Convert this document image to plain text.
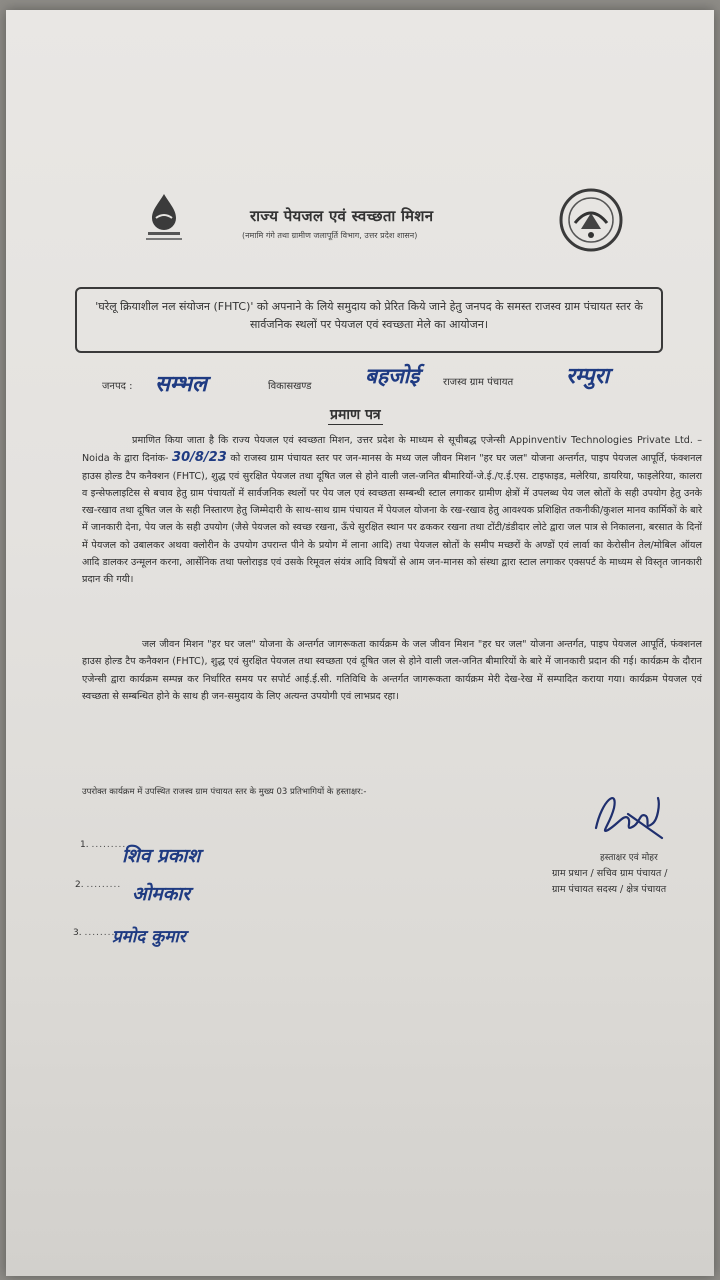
राज्य पेयजल एवं स्वच्छता मिशन
(नमामि गंगे तथा ग्रामीण जलापूर्ति विभाग, उत्तर प्रदेश शासन)
'घरेलू क्रियाशील नल संयोजन (FHTC)' को अपनाने के लिये समुदाय को प्रेरित किये जाने हेतु जनपद के समस्त राजस्व ग्राम पंचायत स्तर के सार्वजनिक स्थलों पर पेयजल एवं स्वच्छता मेले का आयोजन।
जनपद : सम्भल	विकासखण्ड	बहजोई राजस्व ग्राम पंचायत रम्पुरा
प्रमाण पत्र
प्रमाणित किया जाता है कि राज्य पेयजल एवं स्वच्छता मिशन, उत्तर प्रदेश के माध्यम से सूचीबद्ध एजेन्सी Appinventiv Technologies Private Ltd. – Noida के द्वारा दिनांक- 30/8/23 को राजस्व ग्राम पंचायत स्तर पर जन-मानस के मध्य जल जीवन मिशन "हर घर जल" योजना अन्तर्गत, पाइप पेयजल आपूर्ति, फंक्शनल हाउस होल्ड टैप कनैक्शन (FHTC), शुद्ध एवं सुरक्षित पेयजल तथा दूषित जल से होने वाली जल-जनित बीमारियों-जे.ई./ए.ई.एस. टाइफाइड, मलेरिया, डायरिया, फाइलेरिया, कालरा व इन्सेफलाइटिस से बचाव हेतु ग्राम पंचायतों में सार्वजनिक स्थलों पर पेय जल एवं स्वच्छता सम्बन्धी स्टाल लगाकर ग्रामीण क्षेत्रों में उपलब्ध पेय जल स्रोतों के सही उपयोग हेतु उनके रख-रखाव तथा दूषित जल के सही निस्तारण हेतु जिम्मेदारी के साथ-साथ ग्राम पंचायत में पेयजल योजना के रख-रखाव हेतु आवश्यक प्रशिक्षित तकनीकी/कुशल मानव कार्मिकों के बारे में जानकारी देना, पेय जल के सही उपयोग (जैसे पेयजल को स्वच्छ रखना, ऊँचे सुरक्षित स्थान पर ढककर रखना तथा टोंटी/डंडीदार लोटे द्वारा जल पात्र से निकालना, बरसात के दिनों में पेयजल को उबालकर अथवा क्लोरीन के उपयोग उपरान्त पीने के प्रयोग में लाना आदि) तथा पेयजल स्रोतों के समीप मच्छरों के अण्डों एवं लार्वा का केरोसीन तेल/मोबिल ऑयल आदि डालकर उन्मूलन करना, आर्सेनिक तथा फ्लोराइड एवं उसके रिमूवल संयंत्र आदि विषयों से आम जन-मानस को संस्था द्वारा स्टाल लगाकर एक्सपर्ट के माध्यम से विस्तृत जानकारी प्रदान की गयी।
जल जीवन मिशन "हर घर जल" योजना के अन्तर्गत जागरूकता कार्यक्रम के जल जीवन मिशन "हर घर जल" योजना अन्तर्गत, पाइप पेयजल आपूर्ति, फंक्शनल हाउस होल्ड टैप कनैक्शन (FHTC), शुद्ध एवं सुरक्षित पेयजल तथा स्वच्छता एवं दूषित जल से होने वाली जल-जनित बीमारियों के बारे में जानकारी प्रदान की गई। कार्यक्रम के दौरान एजेन्सी द्वारा कार्यक्रम सम्पन्न कर निर्धारित समय पर सपोर्ट आई.ई.सी. गतिविधि के अन्तर्गत जागरूकता कार्यक्रम मेरी देख-रेख में सम्पादित कराया गया। कार्यक्रम पेयजल एवं स्वच्छता से सम्बन्धित होने के साथ ही जन-समुदाय के लिए अत्यन्त उपयोगी एवं लाभप्रद रहा।
उपरोक्त कार्यक्रम में उपस्थित राजस्व ग्राम पंचायत स्तर के मुख्य 03 प्रतिभागियों के हस्ताक्षर:-
1. .........
शिव प्रकाश
2. ......... ओमकार
3. .........
प्रमोद कुमार
हस्ताक्षर एवं मोहर
ग्राम प्रधान / सचिव ग्राम पंचायत /
ग्राम पंचायत सदस्य / क्षेत्र पंचायत
